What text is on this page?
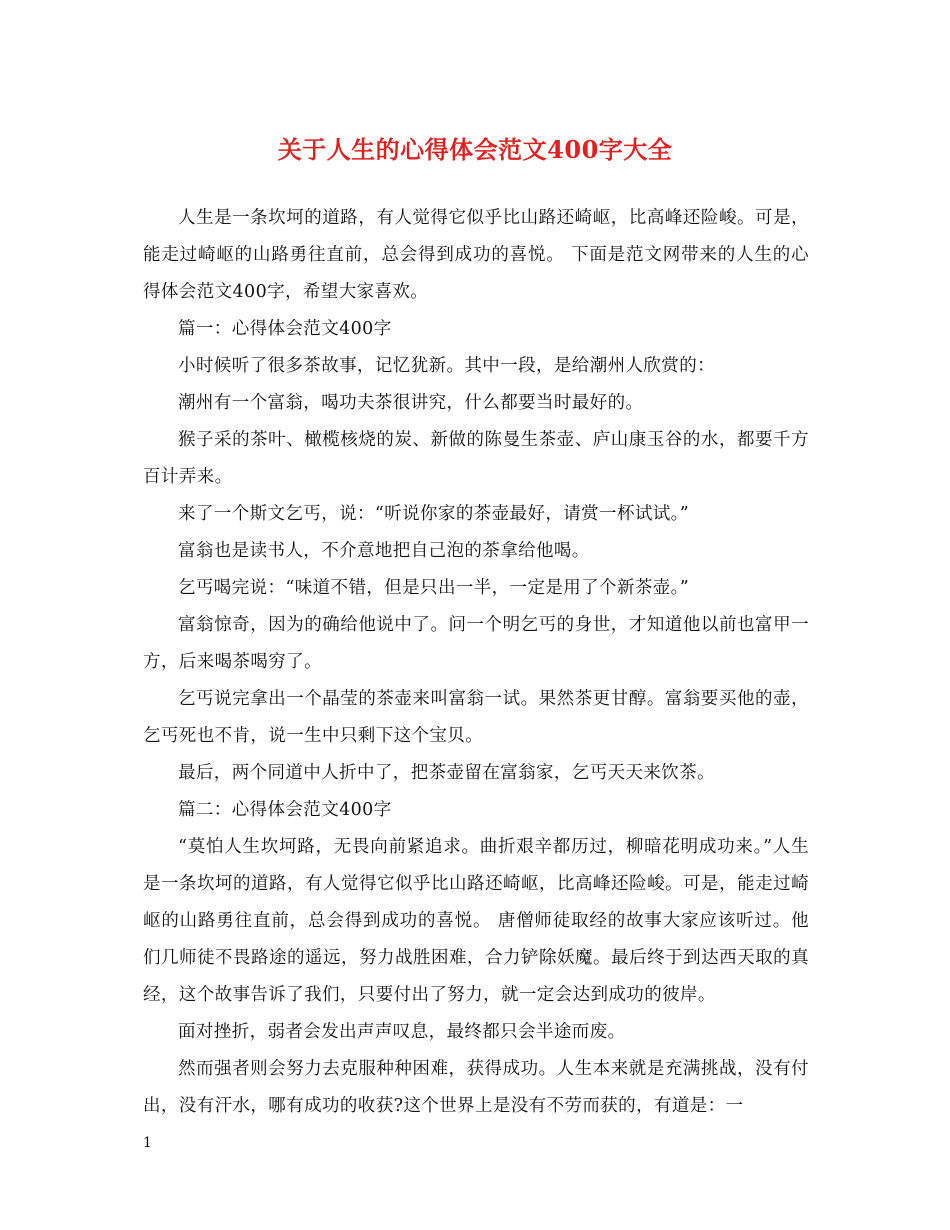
关于人生的心得体会范文400字大全

人生是一条坎坷的道路，有人觉得它似乎比山路还崎岖，比高峰还险峻。可是，能走过崎岖的山路勇往直前，总会得到成功的喜悦。 下面是范文网带来的人生的心得体会范文400字，希望大家喜欢。

篇一：心得体会范文400字

小时候听了很多茶故事，记忆犹新。其中一段，是给潮州人欣赏的：

潮州有一个富翁，喝功夫茶很讲究，什么都要当时最好的。

猴子采的茶叶、橄榄核烧的炭、新做的陈曼生茶壶、庐山康玉谷的水，都要千方百计弄来。

来了一个斯文乞丐，说：“听说你家的茶壶最好，请赏一杯试试。”

富翁也是读书人，不介意地把自己泡的茶拿给他喝。

乞丐喝完说：“味道不错，但是只出一半，一定是用了个新茶壶。”

富翁惊奇，因为的确给他说中了。问一个明乞丐的身世，才知道他以前也富甲一方，后来喝茶喝穷了。

乞丐说完拿出一个晶莹的茶壶来叫富翁一试。果然茶更甘醇。富翁要买他的壶，乞丐死也不肯，说一生中只剩下这个宝贝。

最后，两个同道中人折中了，把茶壶留在富翁家，乞丐天天来饮茶。

篇二：心得体会范文400字

“莫怕人生坎坷路，无畏向前紧追求。曲折艰辛都历过，柳暗花明成功来。”人生是一条坎坷的道路，有人觉得它似乎比山路还崎岖，比高峰还险峻。可是，能走过崎岖的山路勇往直前，总会得到成功的喜悦。 唐僧师徒取经的故事大家应该听过。他们几师徒不畏路途的遥远，努力战胜困难，合力铲除妖魔。最后终于到达西天取的真经，这个故事告诉了我们，只要付出了努力，就一定会达到成功的彼岸。

面对挫折，弱者会发出声声叹息，最终都只会半途而废。

然而强者则会努力去克服种种困难，获得成功。人生本来就是充满挑战，没有付出，没有汗水，哪有成功的收获?这个世界上是没有不劳而获的，有道是：一

1
